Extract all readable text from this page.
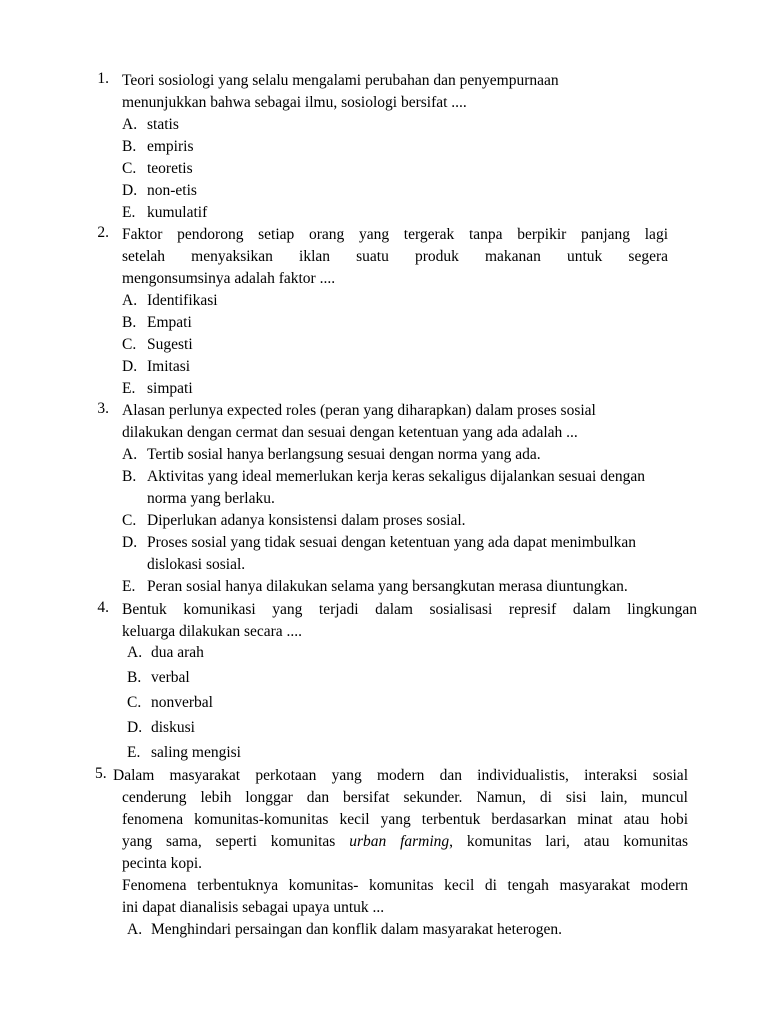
1. Teori sosiologi yang selalu mengalami perubahan dan penyempurnaan

menunjukkan bahwa sebagai ilmu, sosiologi bersifat ....

A. statis
B. empiris
C. teoretis
D. non-etis
E. kumulatif
2. Faktor pendorong setiap orang yang tergerak tanpa berpikir panjang lagi

setelah menyaksikan iklan suatu produk makanan untuk segera

mengonsumsinya adalah faktor ....

A. Identifikasi
B. Empati
C. Sugesti
D. Imitasi
E. simpati
3. Alasan perlunya expected roles (peran yang diharapkan) dalam proses sosial

dilakukan dengan cermat dan sesuai dengan ketentuan yang ada adalah ...

A. Tertib sosial hanya berlangsung sesuai dengan norma yang ada.
B. Aktivitas yang ideal memerlukan kerja keras sekaligus dijalankan sesuai dengan
norma yang berlaku.
C. Diperlukan adanya konsistensi dalam proses sosial.
D. Proses sosial yang tidak sesuai dengan ketentuan yang ada dapat menimbulkan
dislokasi sosial.
E. Peran sosial hanya dilakukan selama yang bersangkutan merasa diuntungkan.
4. Bentuk komunikasi yang terjadi dalam sosialisasi represif dalam lingkungan

keluarga dilakukan secara ....

A. dua arah
B. verbal
C. nonverbal
D. diskusi
E. saling mengisi
5. Dalam masyarakat perkotaan yang modern dan individualistis, interaksi sosial

cenderung lebih longgar dan bersifat sekunder. Namun, di sisi lain, muncul

fenomena komunitas-komunitas kecil yang terbentuk berdasarkan minat atau hobi

yang sama, seperti komunitas urban farming, komunitas lari, atau komunitas

pecinta kopi.

Fenomena terbentuknya komunitas- komunitas kecil di tengah masyarakat modern

ini dapat dianalisis sebagai upaya untuk ...

A. Menghindari persaingan dan konflik dalam masyarakat heterogen.
